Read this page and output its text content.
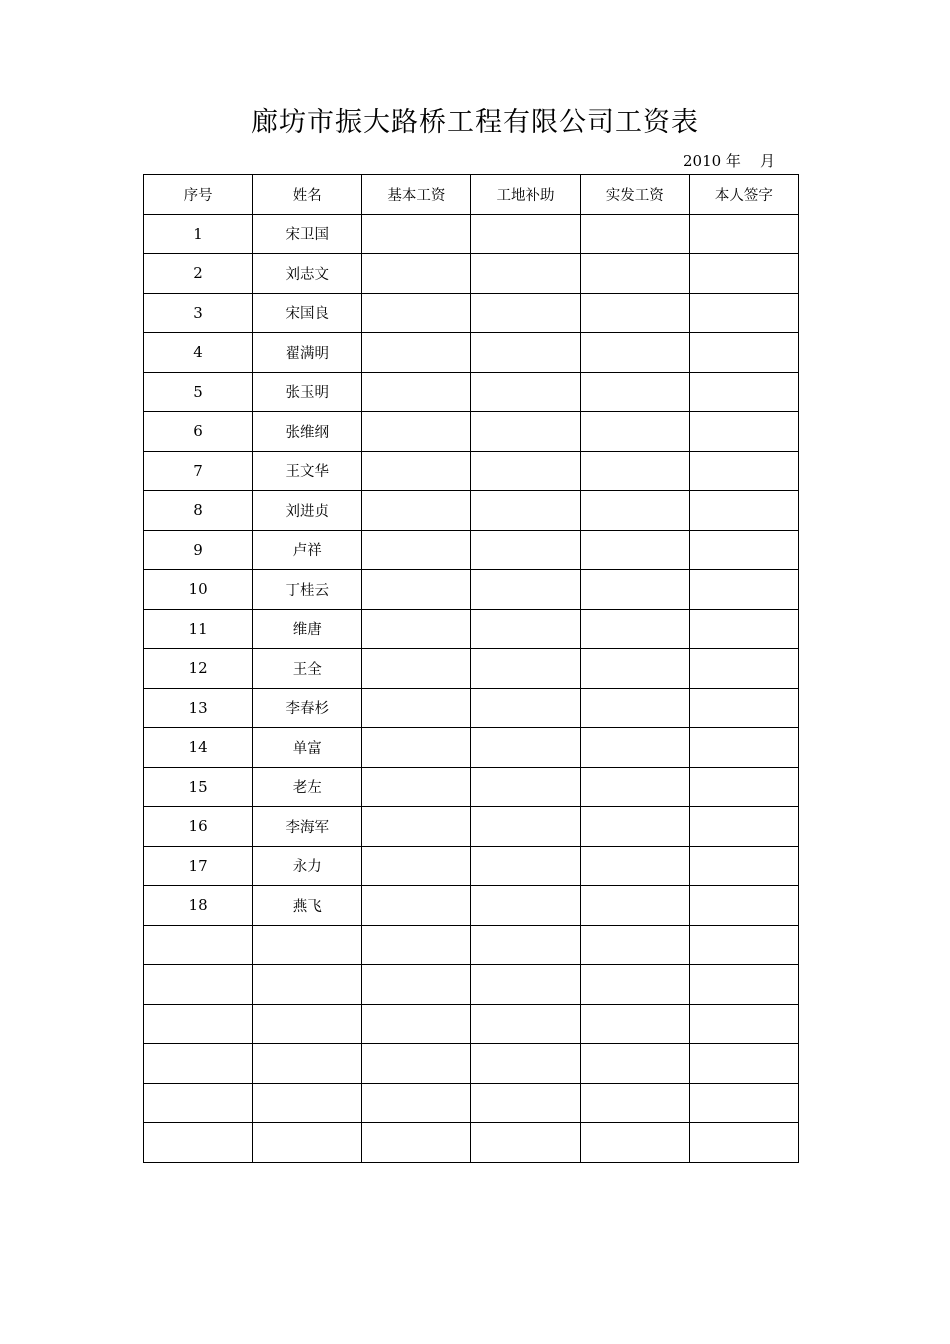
廊坊市振大路桥工程有限公司工资表
2010 年    月
序号	姓名	基本工资	工地补助	实发工资	本人签字
1	宋卫国				
2	刘志文				
3	宋国良				
4	翟满明				
5	张玉明				
6	张维纲				
7	王文华				
8	刘进贞				
9	卢祥				
10	丁桂云				
11	维唐				
12	王全				
13	李春杉				
14	单富				
15	老左				
16	李海军				
17	永力				
18	燕飞				
